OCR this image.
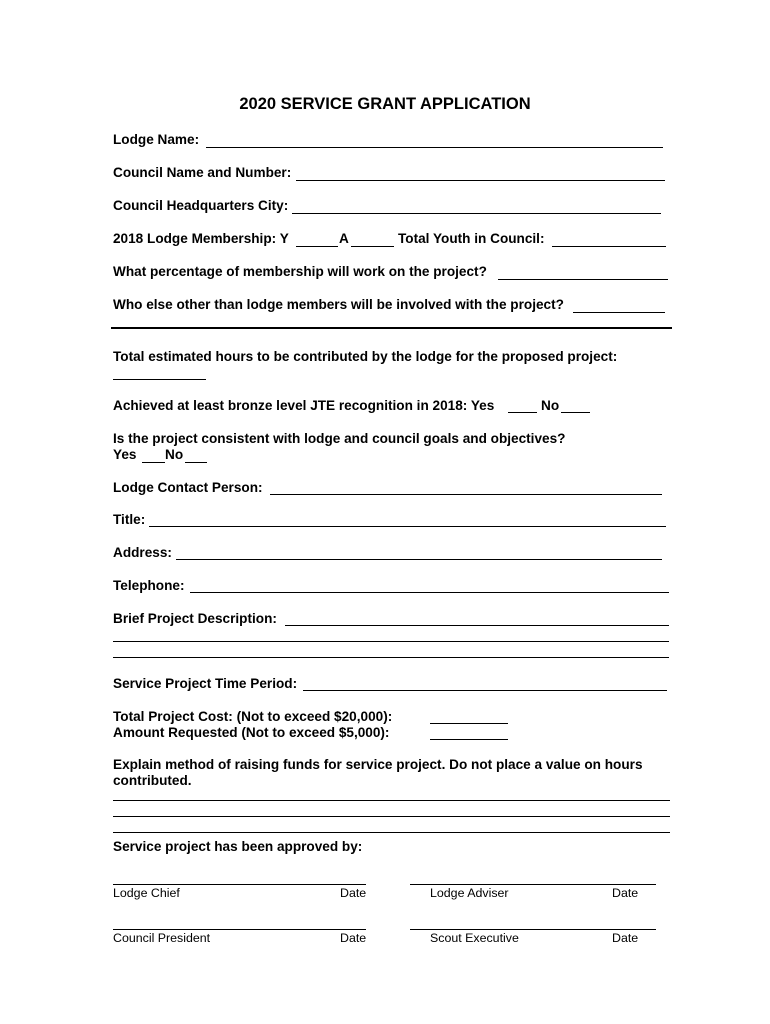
2020 SERVICE GRANT APPLICATION
Lodge Name:
Council Name and Number:
Council Headquarters City:
2018 Lodge Membership: Y	A	Total Youth in Council:
What percentage of membership will work on the project?
Who else other than lodge members will be involved with the project?
Total estimated hours to be contributed by the lodge for the proposed project:
Achieved at least bronze level JTE recognition in 2018: Yes	No
Is the project consistent with lodge and council goals and objectives?
Yes No
Lodge Contact Person:
Title:
Address:
Telephone:
Brief Project Description:
Service Project Time Period:
Total Project Cost: (Not to exceed $20,000):
Amount Requested (Not to exceed $5,000):
Explain method of raising funds for service project. Do not place a value on hours
contributed.
Service project has been approved by:
Lodge Chief	Date	Lodge Adviser	Date
Council President	Date	Scout Executive	Date
